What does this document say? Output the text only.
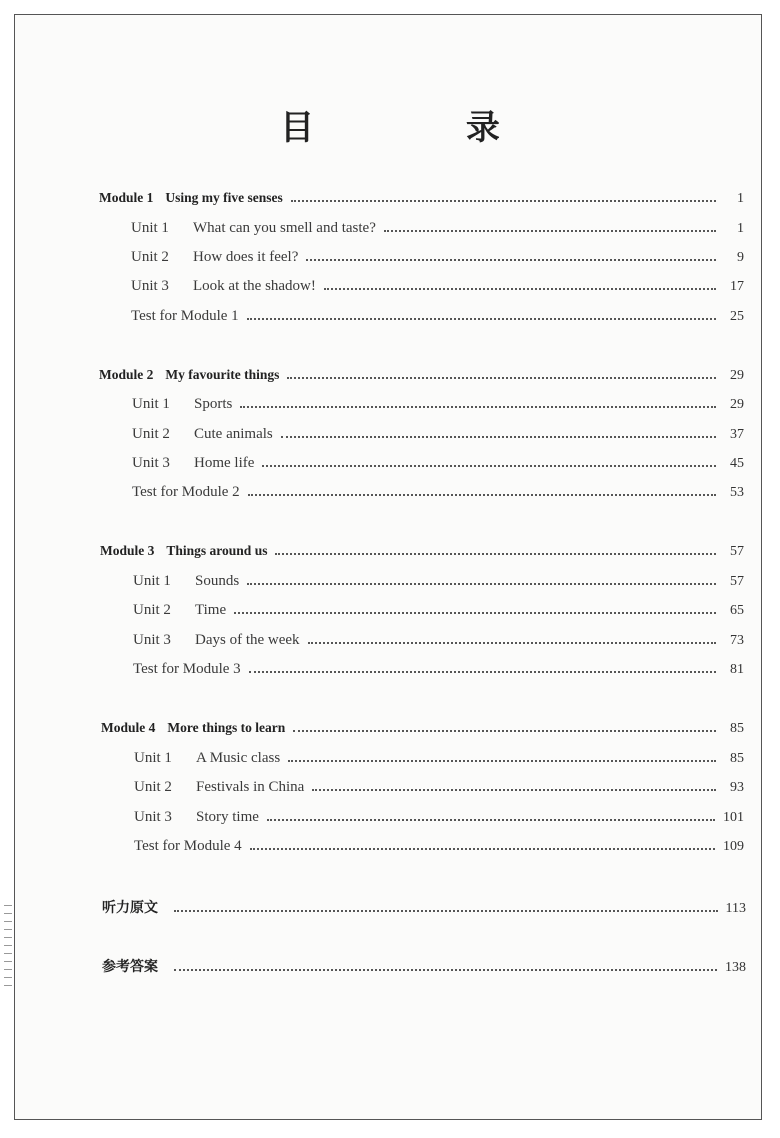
目 录
Module 1 Using my five senses	1
Unit 1	What can you smell and taste?	1
Unit 2	How does it feel?	9
Unit 3	Look at the shadow!	17
Test for Module 1	25
Module 2 My favourite things	29
Unit 1	Sports	29
Unit 2	Cute animals	37
Unit 3	Home life	45
Test for Module 2	53
Module 3 Things around us	57
Unit 1	Sounds	57
Unit 2	Time	65
Unit 3	Days of the week	73
Test for Module 3	81
Module 4 More things to learn	85
Unit 1	A Music class	85
Unit 2	Festivals in China	93
Unit 3	Story time	101
Test for Module 4	109
听力原文	113
参考答案	138
